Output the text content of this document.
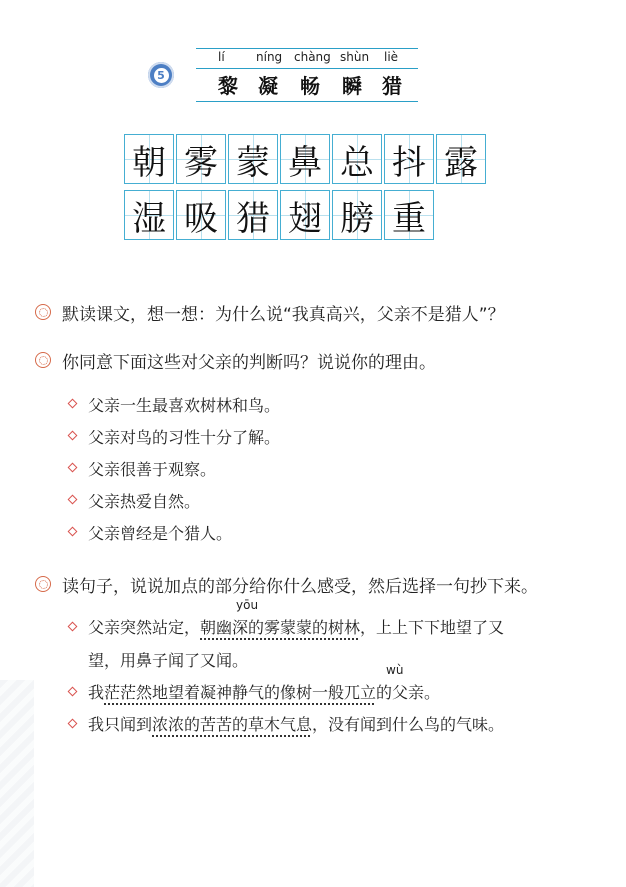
5
lí	níng chàng shùn liè
黎 凝 畅 瞬 猎
朝 雾 蒙 鼻 总 抖 露
湿 吸 猎 翅 膀 重
默读课文，想一想：为什么说“我真高兴，父亲不是猎人”？
你同意下面这些对父亲的判断吗？说说你的理由。
父亲一生最喜欢树林和鸟。
父亲对鸟的习性十分了解。
父亲很善于观察。
父亲热爱自然。
父亲曾经是个猎人。
读句子，说说加点的部分给你什么感受，然后选择一句抄下来。
yōu
父亲突然站定，朝幽深的雾蒙蒙的树林，上上下下地望了又
望，用鼻子闻了又闻。	wù
我茫茫然地望着凝神静气的像树一般兀立的父亲。
我只闻到浓浓的苦苦的草木气息，没有闻到什么鸟的气味。
